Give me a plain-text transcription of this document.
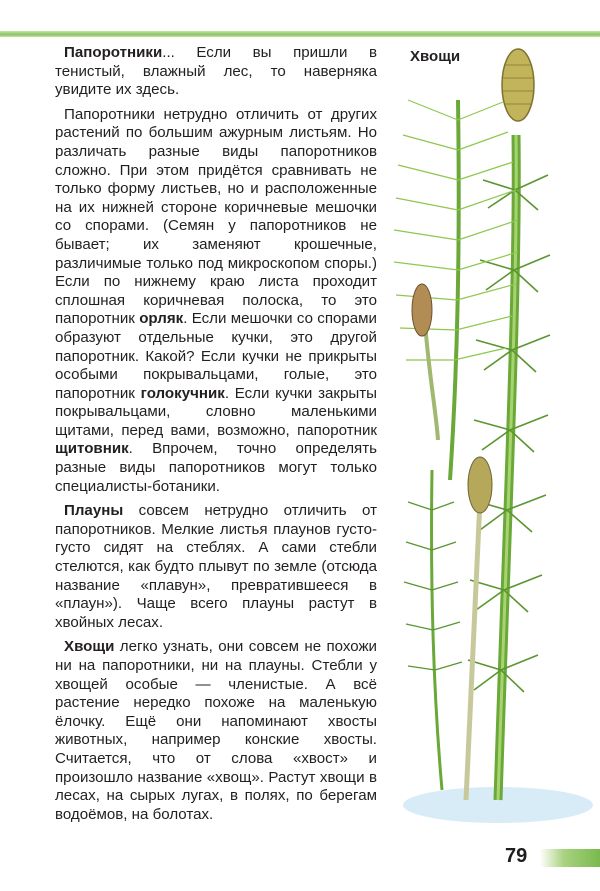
Папоротники... Если вы пришли в тенистый, влажный лес, то наверняка увидите их здесь.

Папоротники нетрудно отличить от других растений по большим ажурным листьям. Но различать разные виды папоротников сложно. При этом придётся сравнивать не только форму листьев, но и расположенные на их нижней стороне коричневые мешочки со спорами. (Семян у папоротников не бывает; их заменяют крошечные, различимые только под микроскопом споры.) Если по нижнему краю листа проходит сплошная коричневая полоска, то это папоротник орляк. Если мешочки со спорами образуют отдельные кучки, это другой папоротник. Какой? Если кучки не прикрыты особыми покрывальцами, голые, это папоротник голокучник. Если кучки закрыты покрывальцами, словно маленькими щитами, перед вами, возможно, папоротник щитовник. Впрочем, точно определять разные виды папоротников могут только специалисты-ботаники.

Плауны совсем нетрудно отличить от папоротников. Мелкие листья плаунов густо-густо сидят на стеблях. А сами стебли стелются, как будто плывут по земле (отсюда название «плавун», превратившееся в «плаун»). Чаще всего плауны растут в хвойных лесах.

Хвощи легко узнать, они совсем не похожи ни на папоротники, ни на плауны. Стебли у хвощей особые — членистые. А всё растение нередко похоже на маленькую ёлочку. Ещё они напоминают хвосты животных, например конские хвосты. Считается, что от слова «хвост» и произошло название «хвощ». Растут хвощи в лесах, на сырых лугах, в полях, по берегам водоёмов, на болотах.

Хвощи
79
